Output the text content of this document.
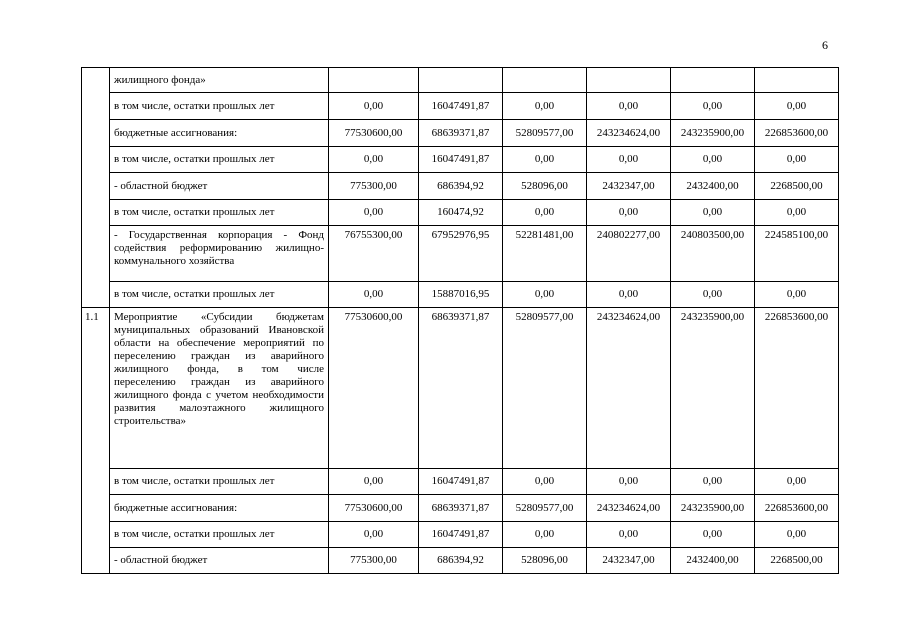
6
	жилищного фонда»						
	в том числе, остатки прошлых лет	0,00	16047491,87	0,00	0,00	0,00	0,00
	бюджетные ассигнования:	77530600,00	68639371,87	52809577,00	243234624,00	243235900,00	226853600,00
	в том числе, остатки прошлых лет	0,00	16047491,87	0,00	0,00	0,00	0,00
	- областной бюджет	775300,00	686394,92	528096,00	2432347,00	2432400,00	2268500,00
	в том числе, остатки прошлых лет	0,00	160474,92	0,00	0,00	0,00	0,00
	- Государственная корпорация - Фонд содействия реформированию жилищно-коммунального хозяйства	76755300,00	67952976,95	52281481,00	240802277,00	240803500,00	224585100,00
	в том числе, остатки прошлых лет	0,00	15887016,95	0,00	0,00	0,00	0,00
1.1	Мероприятие «Субсидии бюджетам муниципальных образований Ивановской области на обеспечение мероприятий по переселению граждан из аварийного жилищного фонда, в том числе переселению граждан из аварийного жилищного фонда с учетом необходимости развития малоэтажного жилищного строительства»	77530600,00	68639371,87	52809577,00	243234624,00	243235900,00	226853600,00
	в том числе, остатки прошлых лет	0,00	16047491,87	0,00	0,00	0,00	0,00
	бюджетные ассигнования:	77530600,00	68639371,87	52809577,00	243234624,00	243235900,00	226853600,00
	в том числе, остатки прошлых лет	0,00	16047491,87	0,00	0,00	0,00	0,00
	- областной бюджет	775300,00	686394,92	528096,00	2432347,00	2432400,00	2268500,00
